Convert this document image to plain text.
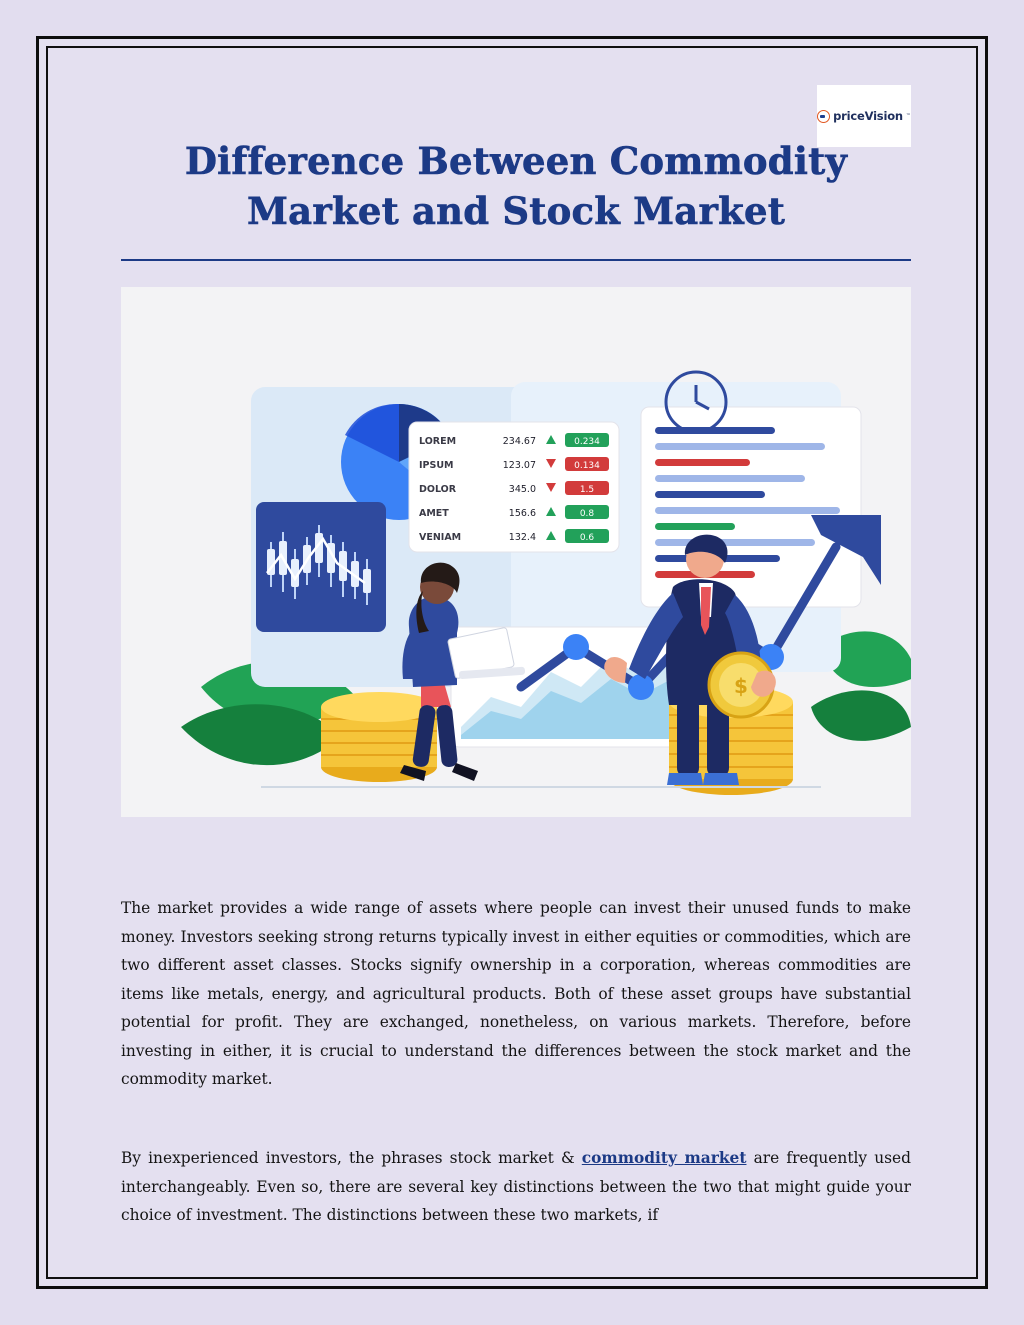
priceVision ™
Difference Between Commodity Market and Stock Market
LOREM
IPSUM
DOLOR
AMET
VENIAM
234.67
123.07
345.0
156.6
132.4
0.234
0.134
1.5
0.8
0.6
$

The market provides a wide range of assets where people can invest their unused funds to make money. Investors seeking strong returns typically invest in either equities or commodities, which are two different asset classes. Stocks signify ownership in a corporation, whereas commodities are items like metals, energy, and agricultural products. Both of these asset groups have substantial potential for profit. They are exchanged, nonetheless, on various markets. Therefore, before investing in either, it is crucial to understand the differences between the stock market and the commodity market.

By inexperienced investors, the phrases stock market & commodity market are frequently used interchangeably. Even so, there are several key distinctions between the two that might guide your choice of investment. The distinctions between these two markets, if
